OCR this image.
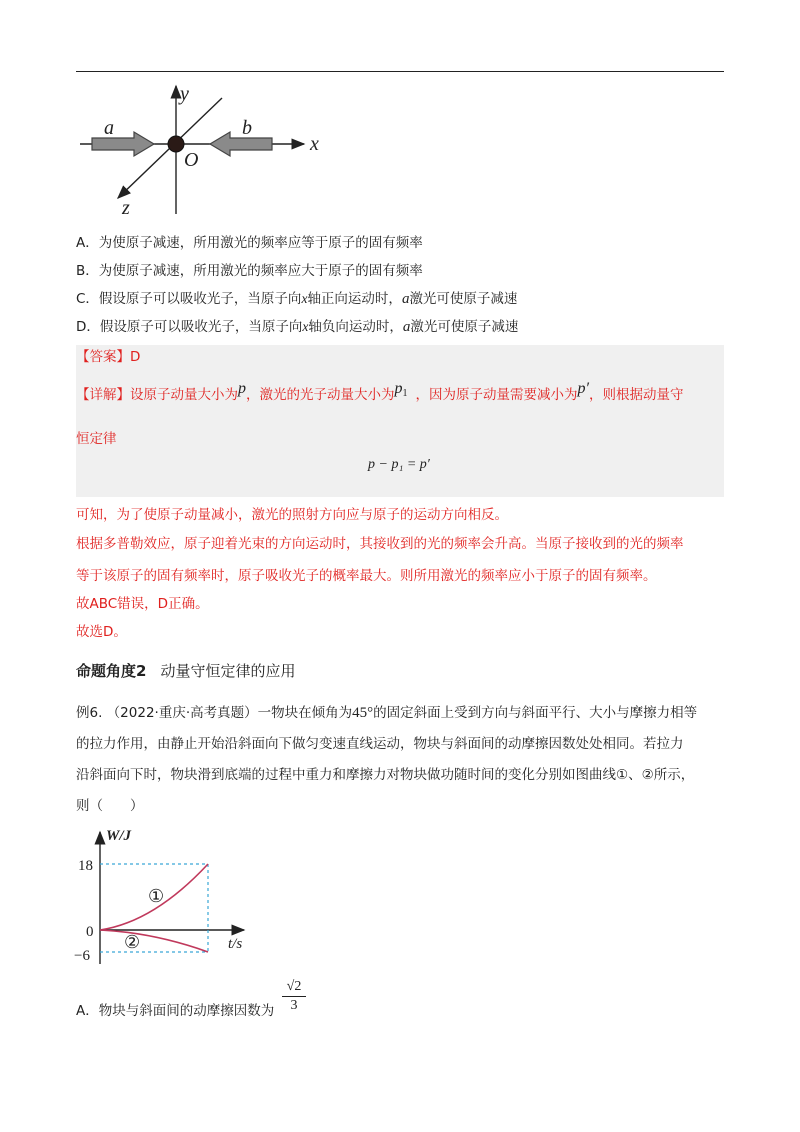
a	b
x
y
z
O
A．为使原子减速，所用激光的频率应等于原子的固有频率
B．为使原子减速，所用激光的频率应大于原子的固有频率
C．假设原子可以吸收光子，当原子向x轴正向运动时，a激光可使原子减速
D．假设原子可以吸收光子，当原子向x轴负向运动时，a激光可使原子减速
【答案】D
【详解】设原子动量大小为p，激光的光子动量大小为$p^1$ ，因为原子动量需要减小为p′，则根据动量守
恒定律
p − p₁ = p′
可知，为了使原子动量减小，激光的照射方向应与原子的运动方向相反。
根据多普勒效应，原子迎着光束的方向运动时，其接收到的光的频率会升高。当原子接收到的光的频率
等于该原子的固有频率时，原子吸收光子的概率最大。则所用激光的频率应小于原子的固有频率。
故ABC错误，D正确。
故选D。
命题角度2 动量守恒定律的应用
例6. （2022·重庆·高考真题）一物块在倾角为45°的固定斜面上受到方向与斜面平行、大小与摩擦力相等
的拉力作用，由静止开始沿斜面向下做匀变速直线运动，物块与斜面间的动摩擦因数处处相同。若拉力
沿斜面向下时，物块滑到底端的过程中重力和摩擦力对物块做功随时间的变化分别如图曲线①、②所示，
则（　　）
W/J
t/s
18
0
−6
①
②
A．物块与斜面间的动摩擦因数为 $\frac{√2}{3}$
